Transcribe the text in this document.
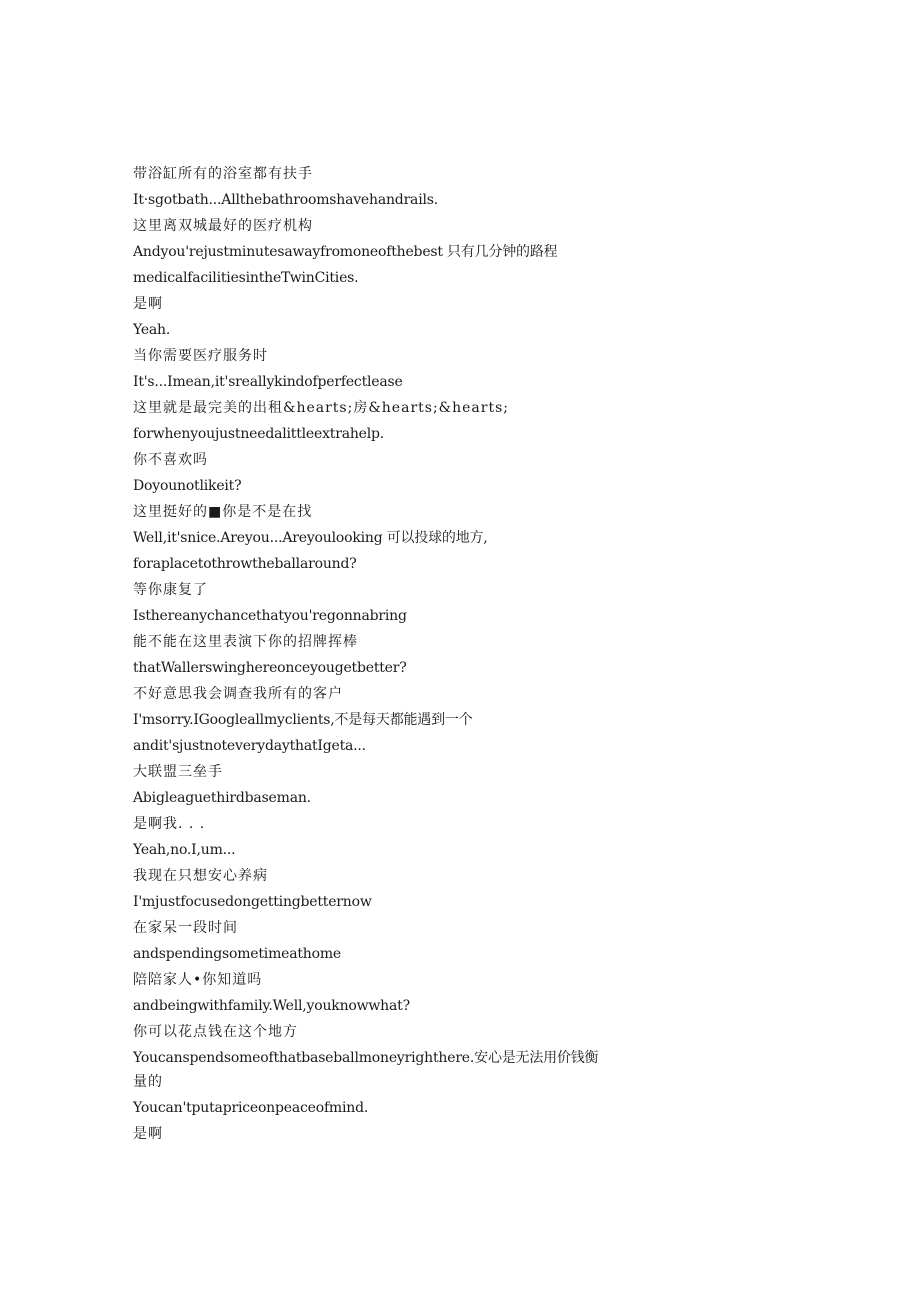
带浴缸所有的浴室都有扶手
It·sgotbath...Allthebathroomshavehandrails.
这里离双城最好的医疗机构
Andyou'rejustminutesawayfromoneofthebest 只有几分钟的路程
medicalfacilitiesintheTwinCities.
是啊
Yeah.
当你需要医疗服务时
It's...Imean,it'sreallykindofperfectlease
这里就是最完美的出租&hearts;房&hearts;&hearts;
forwhenyoujustneedalittleextrahelp.
你不喜欢吗
Doyounotlikeit?
这里挺好的■你是不是在找
Well,it'snice.Areyou...Areyoulooking 可以投球的地方,
foraplacetothrowtheballaround?
等你康复了
Isthereanychancethatyou'regonnabring
能不能在这里表演下你的招牌挥棒
thatWallerswinghereonceyougetbetter?
不好意思我会调查我所有的客户
I'msorry.IGoogleallmyclients,不是每天都能遇到一个
andit'sjustnoteverydaythatIgeta...
大联盟三垒手
Abigleaguethirdbaseman.
是啊我. . .
Yeah,no.I,um...
我现在只想安心养病
I'mjustfocusedongettingbetternow
在家呆一段时间
andspendingsometimeathome
陪陪家人•你知道吗
andbeingwithfamily.Well,youknowwhat?
你可以花点钱在这个地方
Youcanspendsomeofthatbaseballmoneyrighthere.安心是无法用价钱衡
量的
Youcan'tputapriceonpeaceofmind.
是啊
